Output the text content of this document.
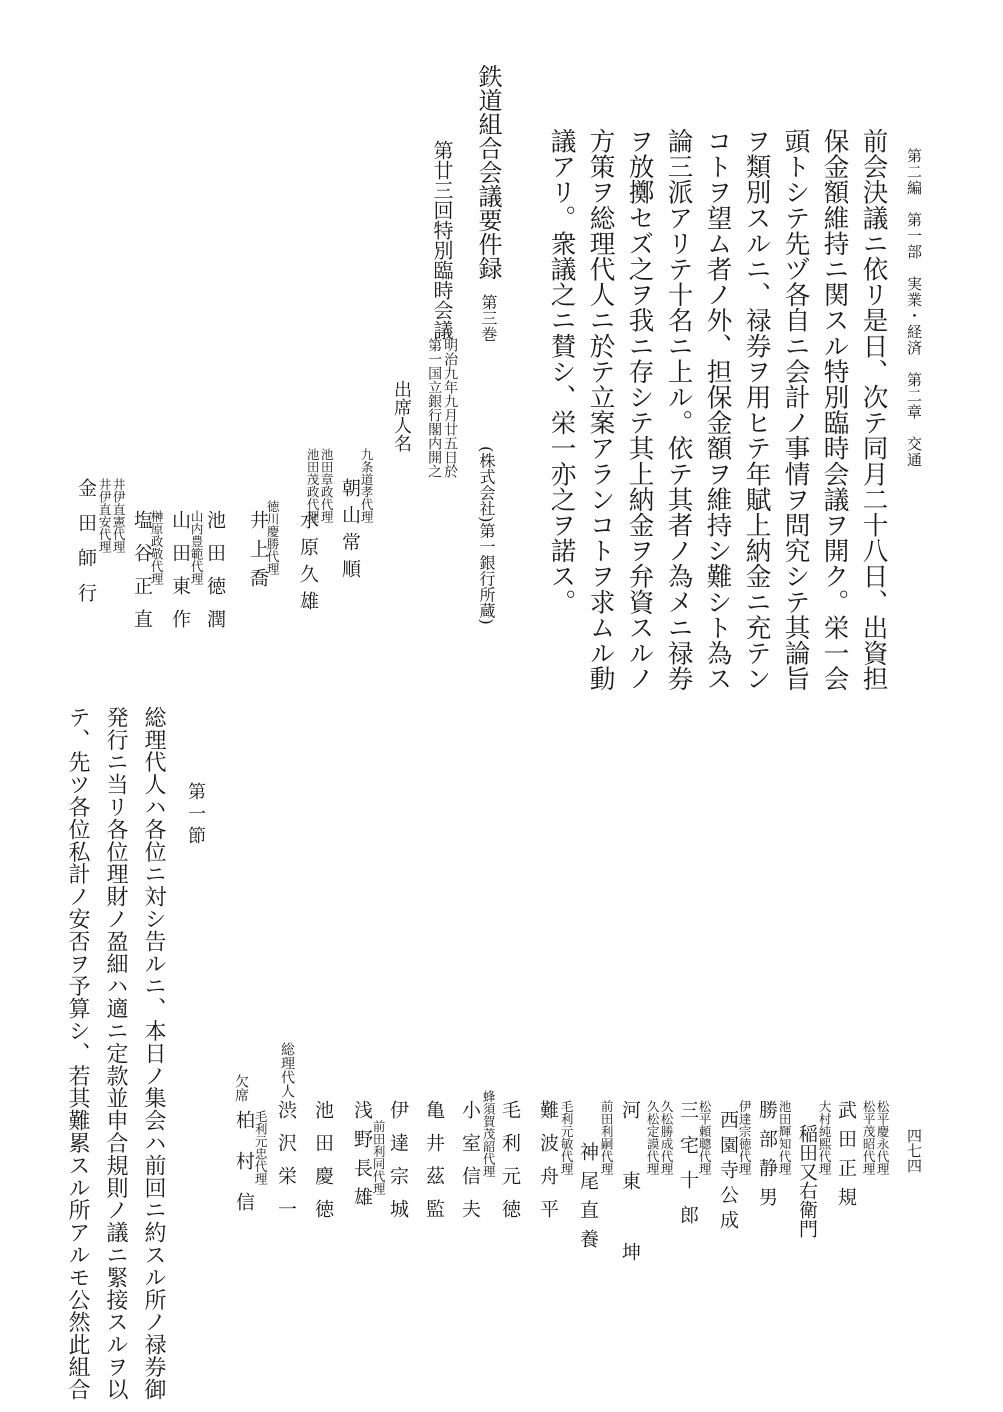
第二編　第一部　実業・経済　第二章　交通
四七四
前会決議ニ依リ是日、次テ同月二十八日、出資担
保金額維持ニ関スル特別臨時会議ヲ開ク。栄一会
頭トシテ先ヅ各自ニ会計ノ事情ヲ問究シテ其論旨
ヲ類別スルニ、禄券ヲ用ヒテ年賦上納金ニ充テン
コトヲ望ム者ノ外、担保金額ヲ維持シ難シト為ス
論三派アリテ十名ニ上ル。依テ其者ノ為メニ禄券
ヲ放擲セズ之ヲ我ニ存シテ其上納金ヲ弁資スルノ
方策ヲ総理代人ニ於テ立案アランコトヲ求ムル動
議アリ。衆議之ニ賛シ、栄一亦之ヲ諾ス。
鉄道組合会議要件録第三巻
(株式会社)第一銀行所蔵)
第廿三回特別臨時会議
明治九年九月廿五日於
第一国立銀行閣内開之
出席人名
九条道孝代理
朝山常順
池田章政代理
水原久雄
池田茂政代理
徳川慶勝代理
井上喬
池田徳潤
山内豊範代理
山田東作
榊原政敬代理
塩谷正直
井伊直憲代理
井伊直安代理
金田師行
松平慶永代理
松平茂昭代理
武田正規
大村純熙代理
稲田又右衛門
池田輝知代理
勝部静男
伊達宗徳代理
西園寺公成
松平頼聰代理
三宅十郎
久松勝成代理
久松定謨代理
河東坤
前田利嗣代理
神尾直養
毛利元敏代理
難波舟平
毛利元徳
蜂須賀茂韶代理
小室信夫
亀井茲監
前田利同代理
浅野長雄 伊達宗城
池田慶徳
総理代人
渋沢栄一
欠席
毛利元忠代理
柏村信
第一節
総理代人ハ各位ニ対シ告ルニ、本日ノ集会ハ前回ニ約スル所ノ禄券御
発行ニ当リ各位理財ノ盈細ハ適ニ定款並申合規則ノ議ニ緊接スルヲ以
テ、先ツ各位私計ノ安否ヲ予算シ、若其難累スル所アルモ公然此組合
